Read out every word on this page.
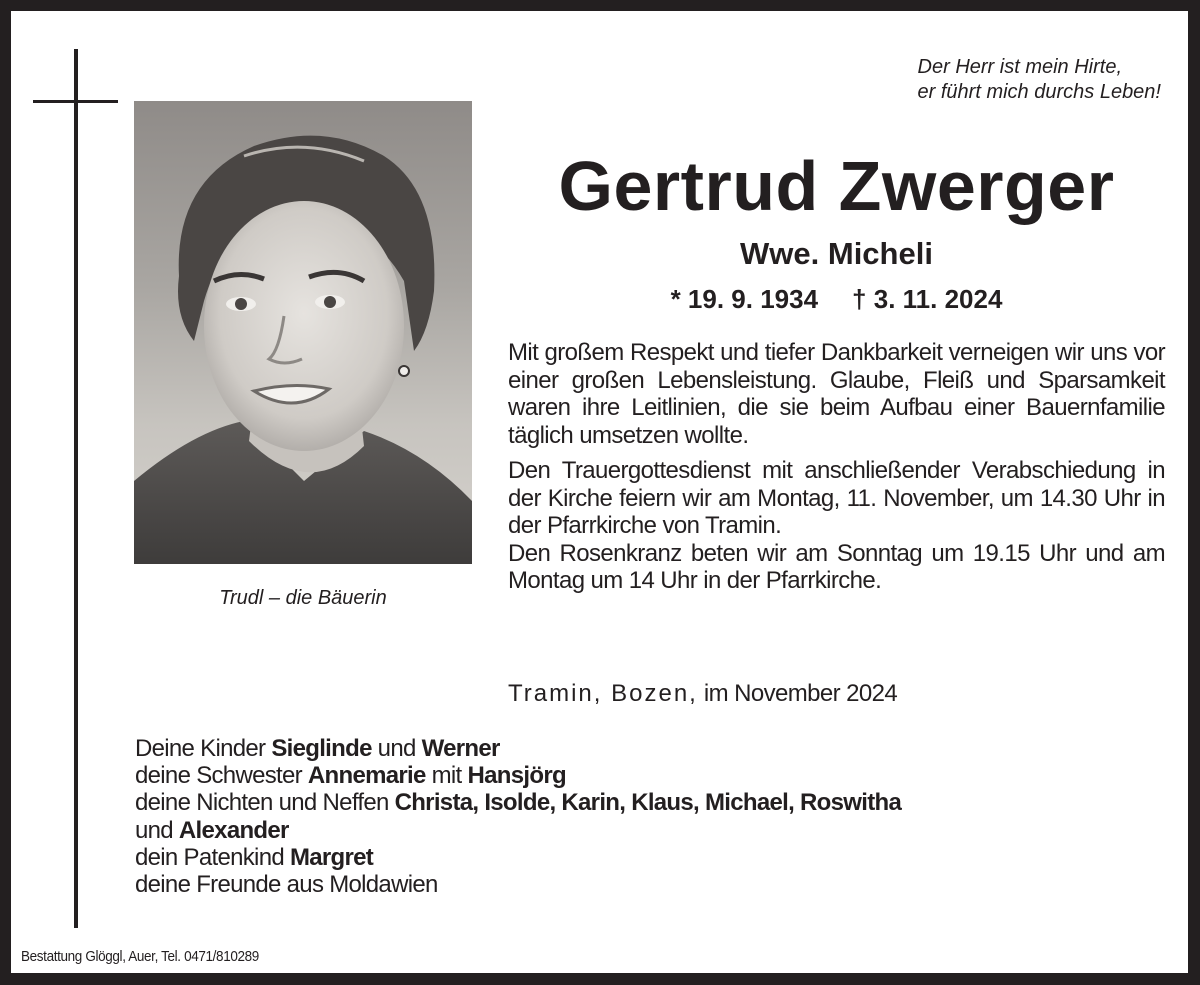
Trudl – die Bäuerin
Der Herr ist mein Hirte,
er führt mich durchs Leben!
Gertrud Zwerger
Wwe. Micheli
* 19. 9. 1934 † 3. 11. 2024

Mit großem Respekt und tiefer Dankbarkeit verneigen wir uns vor einer großen Lebensleistung. Glaube, Fleiß und Sparsamkeit waren ihre Leitlinien, die sie beim Aufbau einer Bauernfamilie täglich umsetzen wollte.

Den Trauergottesdienst mit anschließender Verabschiedung in der Kirche feiern wir am Montag, 11. November, um 14.30 Uhr in der Pfarrkirche von Tramin.

Den Rosenkranz beten wir am Sonntag um 19.15 Uhr und am Montag um 14 Uhr in der Pfarrkirche.

Tramin, Bozen, im November 2024
Deine Kinder Sieglinde und Werner
deine Schwester Annemarie mit Hansjörg
deine Nichten und Neffen Christa, Isolde, Karin, Klaus, Michael, Roswitha
und Alexander
dein Patenkind Margret
deine Freunde aus Moldawien
Bestattung Glöggl, Auer, Tel. 0471/810289
